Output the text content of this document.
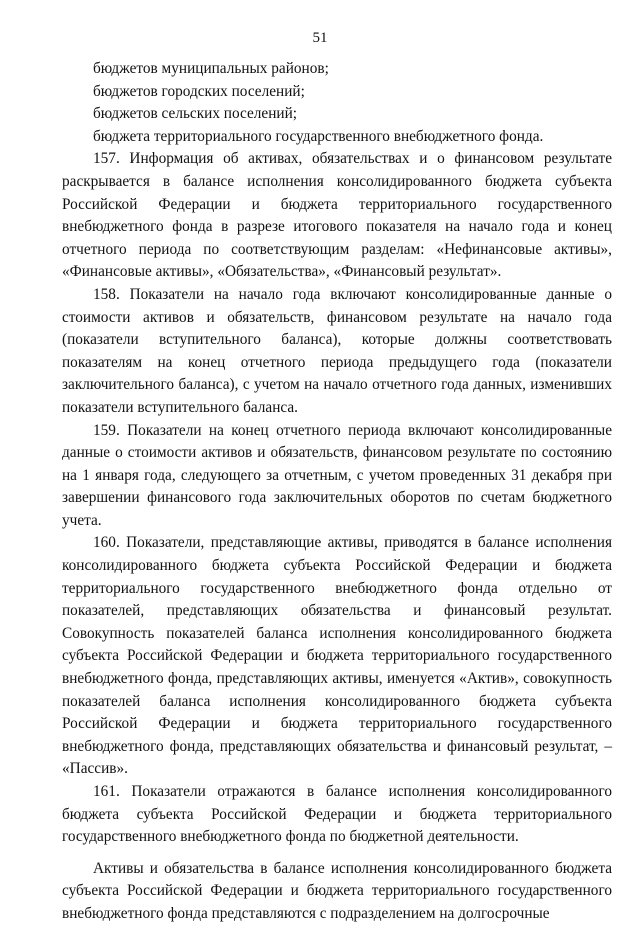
51

бюджетов муниципальных районов;

бюджетов городских поселений;

бюджетов сельских поселений;

бюджета территориального государственного внебюджетного фонда.

157. Информация об активах, обязательствах и о финансовом результате раскрывается в балансе исполнения консолидированного бюджета субъекта Российской Федерации и бюджета территориального государственного внебюджетного фонда в разрезе итогового показателя на начало года и конец отчетного периода по соответствующим разделам: «Нефинансовые активы», «Финансовые активы», «Обязательства», «Финансовый результат».

158. Показатели на начало года включают консолидированные данные о стоимости активов и обязательств, финансовом результате на начало года (показатели вступительного баланса), которые должны соответствовать показателям на конец отчетного периода предыдущего года (показатели заключительного баланса), с учетом на начало отчетного года данных, изменивших показатели вступительного баланса.

159. Показатели на конец отчетного периода включают консолидированные данные о стоимости активов и обязательств, финансовом результате по состоянию на 1 января года, следующего за отчетным, с учетом проведенных 31 декабря при завершении финансового года заключительных оборотов по счетам бюджетного учета.

160. Показатели, представляющие активы, приводятся в балансе исполнения консолидированного бюджета субъекта Российской Федерации и бюджета территориального государственного внебюджетного фонда отдельно от показателей, представляющих обязательства и финансовый результат. Совокупность показателей баланса исполнения консолидированного бюджета субъекта Российской Федерации и бюджета территориального государственного внебюджетного фонда, представляющих активы, именуется «Актив», совокупность показателей баланса исполнения консолидированного бюджета субъекта Российской Федерации и бюджета территориального государственного внебюджетного фонда, представляющих обязательства и финансовый результат, – «Пассив».

161. Показатели отражаются в балансе исполнения консолидированного бюджета субъекта Российской Федерации и бюджета территориального государственного внебюджетного фонда по бюджетной деятельности.

Активы и обязательства в балансе исполнения консолидированного бюджета субъекта Российской Федерации и бюджета территориального государственного внебюджетного фонда представляются с подразделением на долгосрочные
